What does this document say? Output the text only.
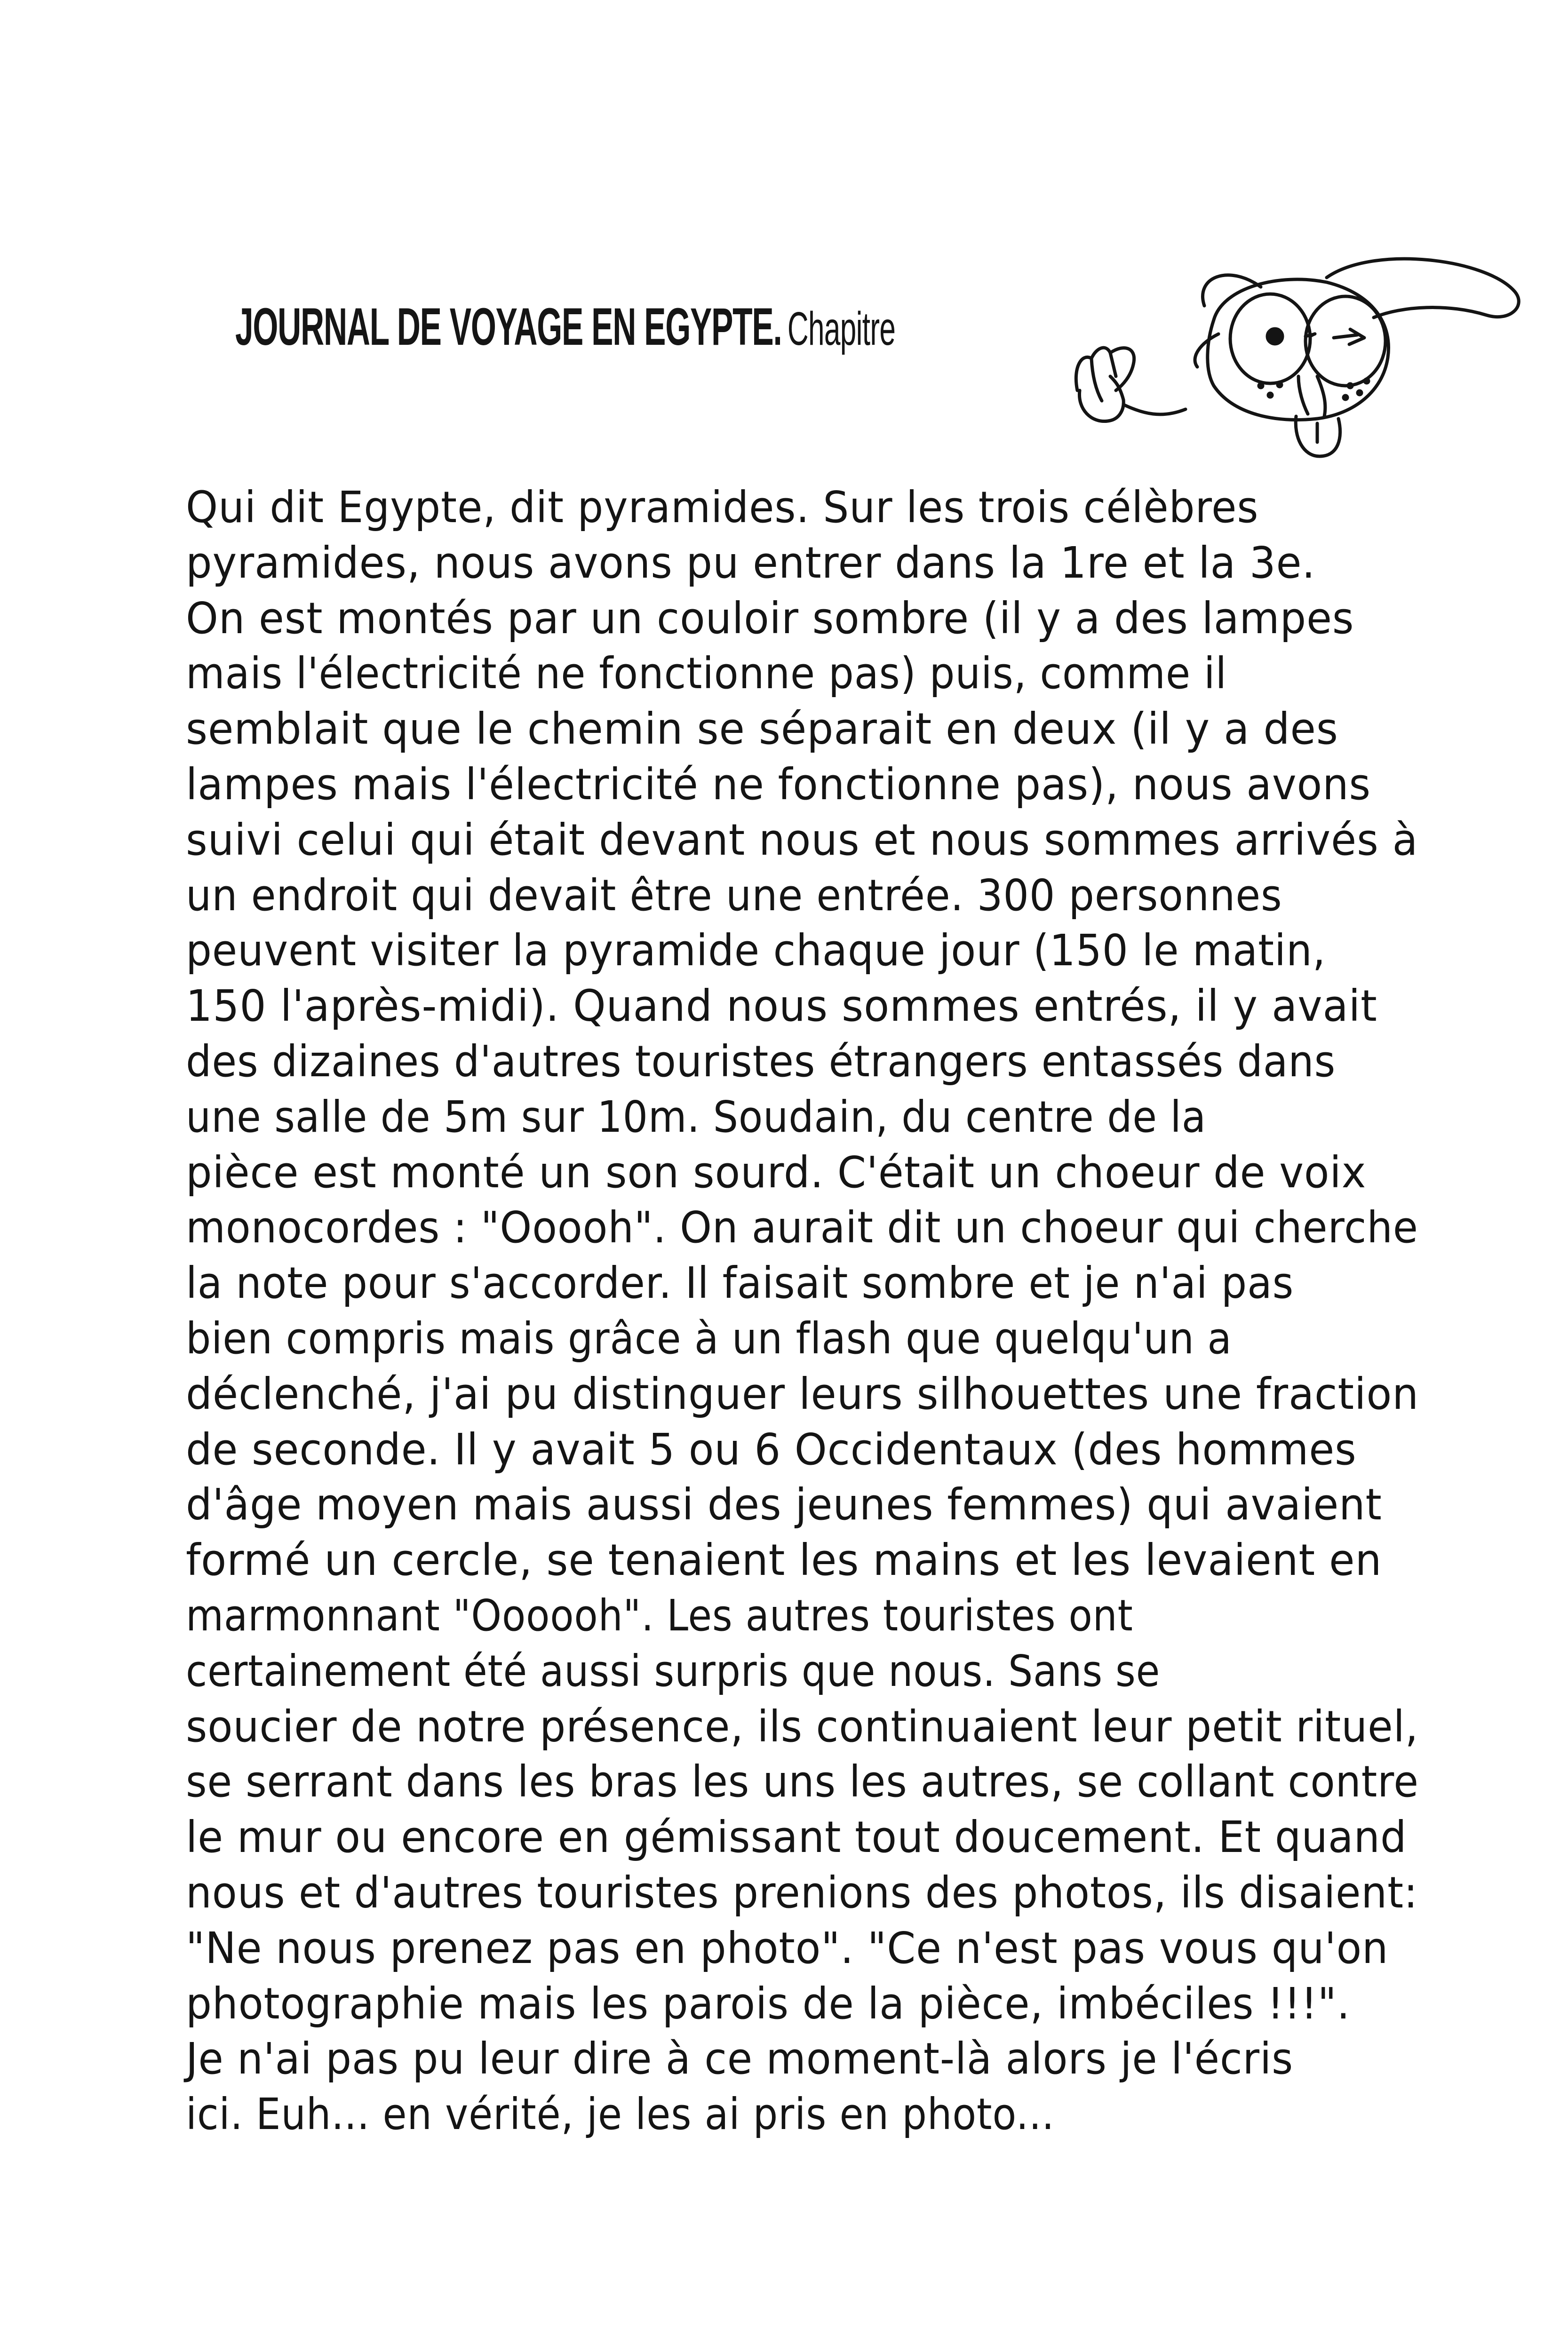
JOURNAL DE VOYAGE EN EGYPTE. Chapitre
Qui dit Egypte, dit pyramides. Sur les trois célèbres
pyramides, nous avons pu entrer dans la 1re et la 3e.
On est montés par un couloir sombre (il y a des lampes
mais l'électricité ne fonctionne pas) puis, comme il
semblait que le chemin se séparait en deux (il y a des
lampes mais l'électricité ne fonctionne pas), nous avons
suivi celui qui était devant nous et nous sommes arrivés à
un endroit qui devait être une entrée. 300 personnes
peuvent visiter la pyramide chaque jour (150 le matin,
150 l'après-midi). Quand nous sommes entrés, il y avait
des dizaines d'autres touristes étrangers entassés dans
une salle de 5m sur 10m. Soudain, du centre de la
pièce est monté un son sourd. C'était un choeur de voix
monocordes : "Ooooh". On aurait dit un choeur qui cherche
la note pour s'accorder. Il faisait sombre et je n'ai pas
bien compris mais grâce à un flash que quelqu'un a
déclenché, j'ai pu distinguer leurs silhouettes une fraction
de seconde. Il y avait 5 ou 6 Occidentaux (des hommes
d'âge moyen mais aussi des jeunes femmes) qui avaient
formé un cercle, se tenaient les mains et les levaient en
marmonnant "Oooooh". Les autres touristes ont
certainement été aussi surpris que nous. Sans se
soucier de notre présence, ils continuaient leur petit rituel,
se serrant dans les bras les uns les autres, se collant contre
le mur ou encore en gémissant tout doucement. Et quand
nous et d'autres touristes prenions des photos, ils disaient:
"Ne nous prenez pas en photo". "Ce n'est pas vous qu'on
photographie mais les parois de la pièce, imbéciles !!!".
Je n'ai pas pu leur dire à ce moment-là alors je l'écris
ici. Euh... en vérité, je les ai pris en photo...
